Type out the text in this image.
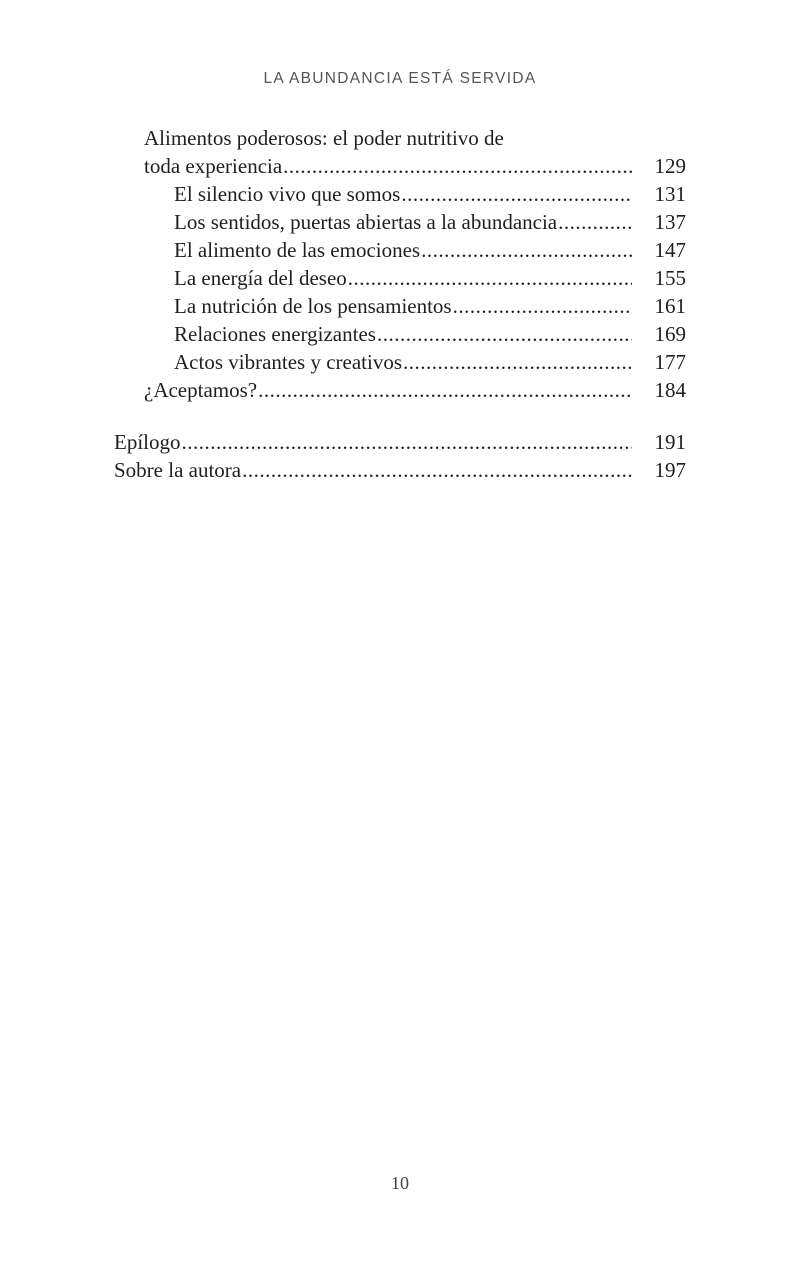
LA ABUNDANCIA ESTÁ SERVIDA
Alimentos poderosos: el poder nutritivo de
toda experiencia .....	129
El silencio vivo que somos .....	131
Los sentidos, puertas abiertas a la abundancia .....	137
El alimento de las emociones .....	147
La energía del deseo .....	155
La nutrición de los pensamientos .....	161
Relaciones energizantes .....	169
Actos vibrantes y creativos .....	177
¿Aceptamos? .....	184
Epílogo .....	191
Sobre la autora .....	197
10
